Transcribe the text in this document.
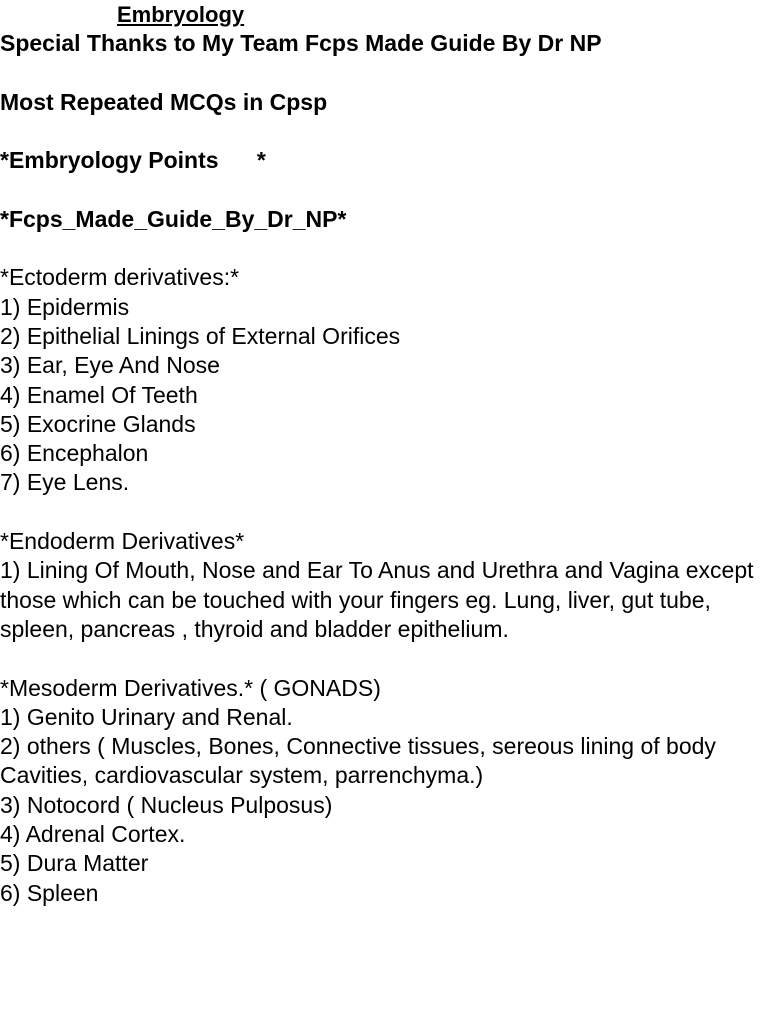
Embryology
Special Thanks to My Team Fcps Made Guide By Dr NP
Most Repeated MCQs in Cpsp
*Embryology Points      *
*Fcps_Made_Guide_By_Dr_NP*
*Ectoderm derivatives:*
1) Epidermis
2) Epithelial Linings of External Orifices
3) Ear, Eye And Nose
4) Enamel Of Teeth
5) Exocrine Glands
6) Encephalon
7) Eye Lens.
*Endoderm Derivatives*
1) Lining Of Mouth, Nose and Ear To Anus and Urethra and Vagina except those which can be touched with your fingers eg. Lung, liver, gut tube, spleen, pancreas , thyroid and bladder epithelium.
*Mesoderm Derivatives.* ( GONADS)
1) Genito Urinary and Renal.
2) others ( Muscles, Bones, Connective tissues, sereous lining of body Cavities, cardiovascular system, parrenchyma.)
3) Notocord ( Nucleus Pulposus)
4) Adrenal Cortex.
5) Dura Matter
6) Spleen
